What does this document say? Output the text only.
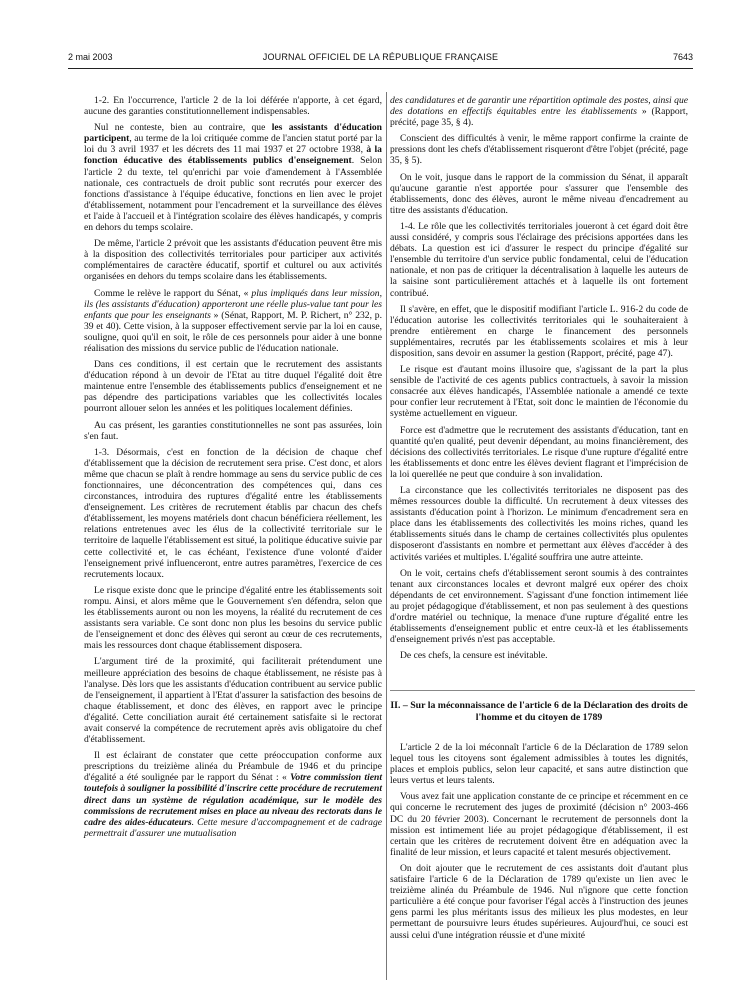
2 mai 2003	JOURNAL OFFICIEL DE LA RÉPUBLIQUE FRANÇAISE	7643

1-2. En l'occurrence, l'article 2 de la loi déférée n'apporte, à cet égard, aucune des garanties constitutionnellement indispensables.

Nul ne conteste, bien au contraire, que les assistants d'éducation participent, au terme de la loi critiquée comme de l'ancien statut porté par la loi du 3 avril 1937 et les décrets des 11 mai 1937 et 27 octobre 1938, à la fonction éducative des établissements publics d'enseignement. Selon l'article 2 du texte, tel qu'enrichi par voie d'amendement à l'Assemblée nationale, ces contractuels de droit public sont recrutés pour exercer des fonctions d'assistance à l'équipe éducative, fonctions en lien avec le projet d'établissement, notamment pour l'encadrement et la surveillance des élèves et l'aide à l'accueil et à l'intégration scolaire des élèves handicapés, y compris en dehors du temps scolaire.

De même, l'article 2 prévoit que les assistants d'éducation peuvent être mis à la disposition des collectivités territoriales pour participer aux activités complémentaires de caractère éducatif, sportif et culturel ou aux activités organisées en dehors du temps scolaire dans les établissements.

Comme le relève le rapport du Sénat, « plus impliqués dans leur mission, ils (les assistants d'éducation) apporteront une réelle plus-value tant pour les enfants que pour les enseignants » (Sénat, Rapport, M. P. Richert, n° 232, p. 39 et 40). Cette vision, à la supposer effectivement servie par la loi en cause, souligne, quoi qu'il en soit, le rôle de ces personnels pour aider à une bonne réalisation des missions du service public de l'éducation nationale.

Dans ces conditions, il est certain que le recrutement des assistants d'éducation répond à un devoir de l'Etat au titre duquel l'égalité doit être maintenue entre l'ensemble des établissements publics d'enseignement et ne pas dépendre des participations variables que les collectivités locales pourront allouer selon les années et les politiques localement définies.

Au cas présent, les garanties constitutionnelles ne sont pas assurées, loin s'en faut.

1-3. Désormais, c'est en fonction de la décision de chaque chef d'établissement que la décision de recrutement sera prise. C'est donc, et alors même que chacun se plaît à rendre hommage au sens du service public de ces fonctionnaires, une déconcentration des compétences qui, dans ces circonstances, introduira des ruptures d'égalité entre les établissements d'enseignement. Les critères de recrutement établis par chacun des chefs d'établissement, les moyens matériels dont chacun bénéficiera réellement, les relations entretenues avec les élus de la collectivité territoriale sur le territoire de laquelle l'établissement est situé, la politique éducative suivie par cette collectivité et, le cas échéant, l'existence d'une volonté d'aider l'enseignement privé influenceront, entre autres paramètres, l'exercice de ces recrutements locaux.

Le risque existe donc que le principe d'égalité entre les établissements soit rompu. Ainsi, et alors même que le Gouvernement s'en défendra, selon que les établissements auront ou non les moyens, la réalité du recrutement de ces assistants sera variable. Ce sont donc non plus les besoins du service public de l'enseignement et donc des élèves qui seront au cœur de ces recrutements, mais les ressources dont chaque établissement disposera.

L'argument tiré de la proximité, qui faciliterait prétendument une meilleure appréciation des besoins de chaque établissement, ne résiste pas à l'analyse. Dès lors que les assistants d'éducation contribuent au service public de l'enseignement, il appartient à l'Etat d'assurer la satisfaction des besoins de chaque établissement, et donc des élèves, en rapport avec le principe d'égalité. Cette conciliation aurait été certainement satisfaite si le rectorat avait conservé la compétence de recrutement après avis obligatoire du chef d'établissement.

Il est éclairant de constater que cette préoccupation conforme aux prescriptions du treizième alinéa du Préambule de 1946 et du principe d'égalité a été soulignée par le rapport du Sénat : « Votre commission tient toutefois à souligner la possibilité d'inscrire cette procédure de recrutement direct dans un système de régulation académique, sur le modèle des commissions de recrutement mises en place au niveau des rectorats dans le cadre des aides-éducateurs. Cette mesure d'accompagnement et de cadrage permettrait d'assurer une mutualisation

des candidatures et de garantir une répartition optimale des postes, ainsi que des dotations en effectifs équitables entre les établissements » (Rapport, précité, page 35, § 4).

Conscient des difficultés à venir, le même rapport confirme la crainte de pressions dont les chefs d'établissement risqueront d'être l'objet (précité, page 35, § 5).

On le voit, jusque dans le rapport de la commission du Sénat, il apparaît qu'aucune garantie n'est apportée pour s'assurer que l'ensemble des établissements, donc des élèves, auront le même niveau d'encadrement au titre des assistants d'éducation.

1-4. Le rôle que les collectivités territoriales joueront à cet égard doit être aussi considéré, y compris sous l'éclairage des précisions apportées dans les débats. La question est ici d'assurer le respect du principe d'égalité sur l'ensemble du territoire d'un service public fondamental, celui de l'éducation nationale, et non pas de critiquer la décentralisation à laquelle les auteurs de la saisine sont particulièrement attachés et à laquelle ils ont fortement contribué.

Il s'avère, en effet, que le dispositif modifiant l'article L. 916-2 du code de l'éducation autorise les collectivités territoriales qui le souhaiteraient à prendre entièrement en charge le financement des personnels supplémentaires, recrutés par les établissements scolaires et mis à leur disposition, sans devoir en assumer la gestion (Rapport, précité, page 47).

Le risque est d'autant moins illusoire que, s'agissant de la part la plus sensible de l'activité de ces agents publics contractuels, à savoir la mission consacrée aux élèves handicapés, l'Assemblée nationale a amendé ce texte pour confier leur recrutement à l'Etat, soit donc le maintien de l'économie du système actuellement en vigueur.

Force est d'admettre que le recrutement des assistants d'éducation, tant en quantité qu'en qualité, peut devenir dépendant, au moins financièrement, des décisions des collectivités territoriales. Le risque d'une rupture d'égalité entre les établissements et donc entre les élèves devient flagrant et l'imprécision de la loi querellée ne peut que conduire à son invalidation.

La circonstance que les collectivités territoriales ne disposent pas des mêmes ressources double la difficulté. Un recrutement à deux vitesses des assistants d'éducation point à l'horizon. Le minimum d'encadrement sera en place dans les établissements des collectivités les moins riches, quand les établissements situés dans le champ de certaines collectivités plus opulentes disposeront d'assistants en nombre et permettant aux élèves d'accéder à des activités variées et multiples. L'égalité souffrira une autre atteinte.

On le voit, certains chefs d'établissement seront soumis à des contraintes tenant aux circonstances locales et devront malgré eux opérer des choix dépendants de cet environnement. S'agissant d'une fonction intimement liée au projet pédagogique d'établissement, et non pas seulement à des questions d'ordre matériel ou technique, la menace d'une rupture d'égalité entre les établissements d'enseignement public et entre ceux-là et les établissements d'enseignement privés n'est pas acceptable.

De ces chefs, la censure est inévitable.

II. – Sur la méconnaissance de l'article 6 de la Déclaration des droits de l'homme et du citoyen de 1789

L'article 2 de la loi méconnaît l'article 6 de la Déclaration de 1789 selon lequel tous les citoyens sont également admissibles à toutes les dignités, places et emplois publics, selon leur capacité, et sans autre distinction que leurs vertus et leurs talents.

Vous avez fait une application constante de ce principe et récemment en ce qui concerne le recrutement des juges de proximité (décision n° 2003-466 DC du 20 février 2003). Concernant le recrutement de personnels dont la mission est intimement liée au projet pédagogique d'établissement, il est certain que les critères de recrutement doivent être en adéquation avec la finalité de leur mission, et leurs capacité et talent mesurés objectivement.

On doit ajouter que le recrutement de ces assistants doit d'autant plus satisfaire l'article 6 de la Déclaration de 1789 qu'existe un lien avec le treizième alinéa du Préambule de 1946. Nul n'ignore que cette fonction particulière a été conçue pour favoriser l'égal accès à l'instruction des jeunes gens parmi les plus méritants issus des milieux les plus modestes, en leur permettant de poursuivre leurs études supérieures. Aujourd'hui, ce souci est aussi celui d'une intégration réussie et d'une mixité
